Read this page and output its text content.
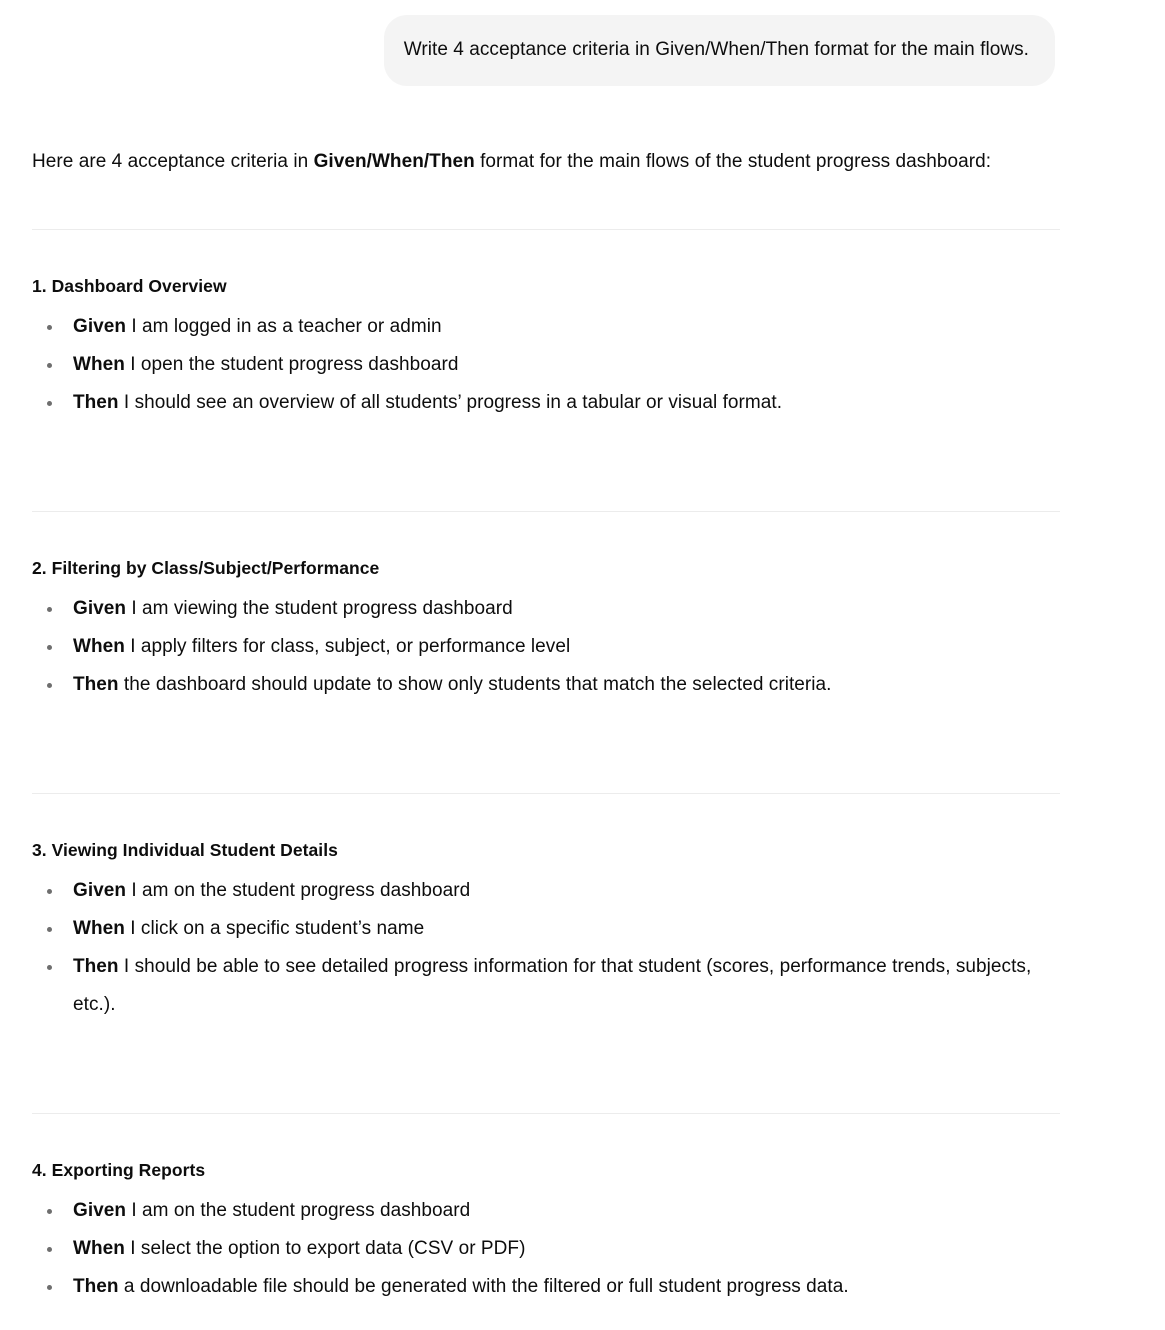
Write 4 acceptance criteria in Given/When/Then format for the main flows.

Here are 4 acceptance criteria in Given/When/Then format for the main flows of the student progress dashboard:

1. Dashboard Overview
Given I am logged in as a teacher or admin
When I open the student progress dashboard
Then I should see an overview of all students’ progress in a tabular or visual format.
2. Filtering by Class/Subject/Performance
Given I am viewing the student progress dashboard
When I apply filters for class, subject, or performance level
Then the dashboard should update to show only students that match the selected criteria.
3. Viewing Individual Student Details
Given I am on the student progress dashboard
When I click on a specific student’s name
Then I should be able to see detailed progress information for that student (scores, performance trends, subjects, etc.).
4. Exporting Reports
Given I am on the student progress dashboard
When I select the option to export data (CSV or PDF)
Then a downloadable file should be generated with the filtered or full student progress data.
